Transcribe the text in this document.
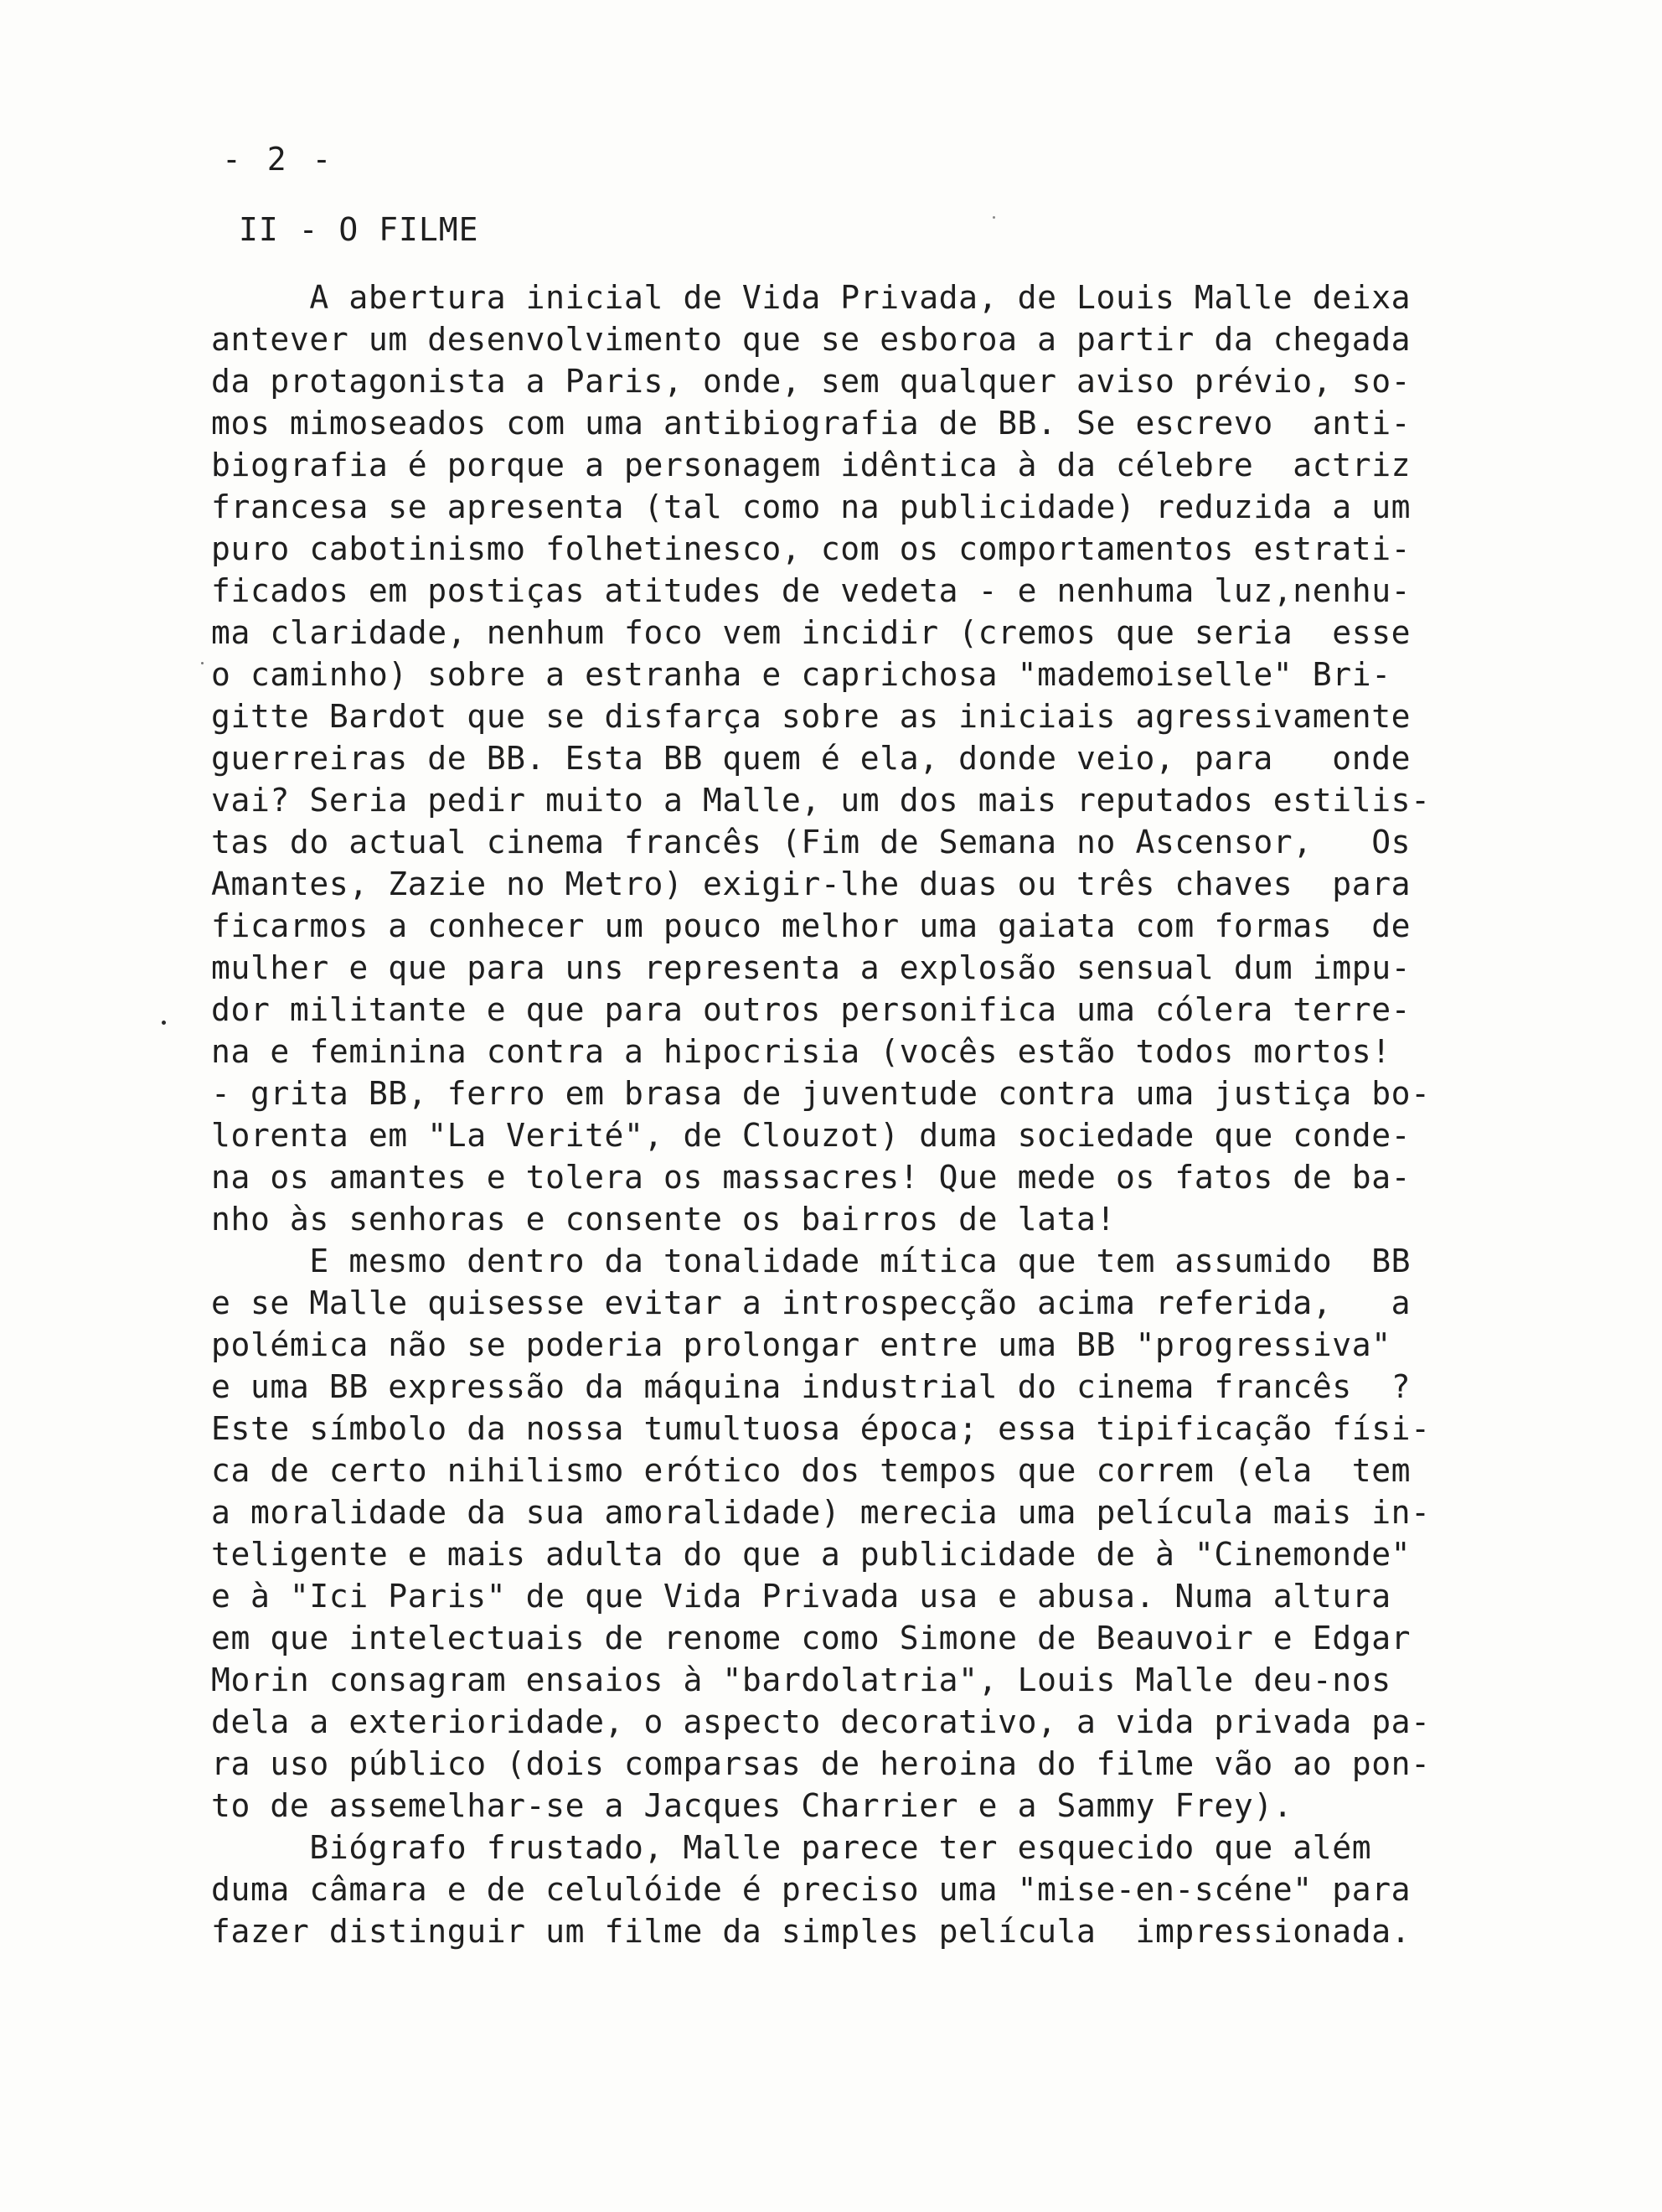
- 2 -
II - O FILME
A abertura inicial de Vida Privada, de Louis Malle deixa
antever um desenvolvimento que se esboroa a partir da chegada
da protagonista a Paris, onde, sem qualquer aviso prévio, so-
mos mimoseados com uma antibiografia de BB. Se escrevo  anti-
biografia é porque a personagem idêntica à da célebre  actriz
francesa se apresenta (tal como na publicidade) reduzida a um
puro cabotinismo folhetinesco, com os comportamentos estrati-
ficados em postiças atitudes de vedeta - e nenhuma luz,nenhu-
ma claridade, nenhum foco vem incidir (cremos que seria  esse
o caminho) sobre a estranha e caprichosa "mademoiselle" Bri-
gitte Bardot que se disfarça sobre as iniciais agressivamente
guerreiras de BB. Esta BB quem é ela, donde veio, para   onde
vai? Seria pedir muito a Malle, um dos mais reputados estilis-
tas do actual cinema francês (Fim de Semana no Ascensor,   Os
Amantes, Zazie no Metro) exigir-lhe duas ou três chaves  para
ficarmos a conhecer um pouco melhor uma gaiata com formas  de
mulher e que para uns representa a explosão sensual dum impu-
dor militante e que para outros personifica uma cólera terre-
na e feminina contra a hipocrisia (vocês estão todos mortos!
- grita BB, ferro em brasa de juventude contra uma justiça bo-
lorenta em "La Verité", de Clouzot) duma sociedade que conde-
na os amantes e tolera os massacres! Que mede os fatos de ba-
nho às senhoras e consente os bairros de lata!
E mesmo dentro da tonalidade mítica que tem assumido  BB
e se Malle quisesse evitar a introspecção acima referida,   a
polémica não se poderia prolongar entre uma BB "progressiva"
e uma BB expressão da máquina industrial do cinema francês  ?
Este símbolo da nossa tumultuosa época; essa tipificação físi-
ca de certo nihilismo erótico dos tempos que correm (ela  tem
a moralidade da sua amoralidade) merecia uma película mais in-
teligente e mais adulta do que a publicidade de à "Cinemonde"
e à "Ici Paris" de que Vida Privada usa e abusa. Numa altura
em que intelectuais de renome como Simone de Beauvoir e Edgar
Morin consagram ensaios à "bardolatria", Louis Malle deu-nos
dela a exterioridade, o aspecto decorativo, a vida privada pa-
ra uso público (dois comparsas de heroina do filme vão ao pon-
to de assemelhar-se a Jacques Charrier e a Sammy Frey).
Biógrafo frustado, Malle parece ter esquecido que além
duma câmara e de celulóide é preciso uma "mise-en-scéne" para
fazer distinguir um filme da simples película  impressionada.
